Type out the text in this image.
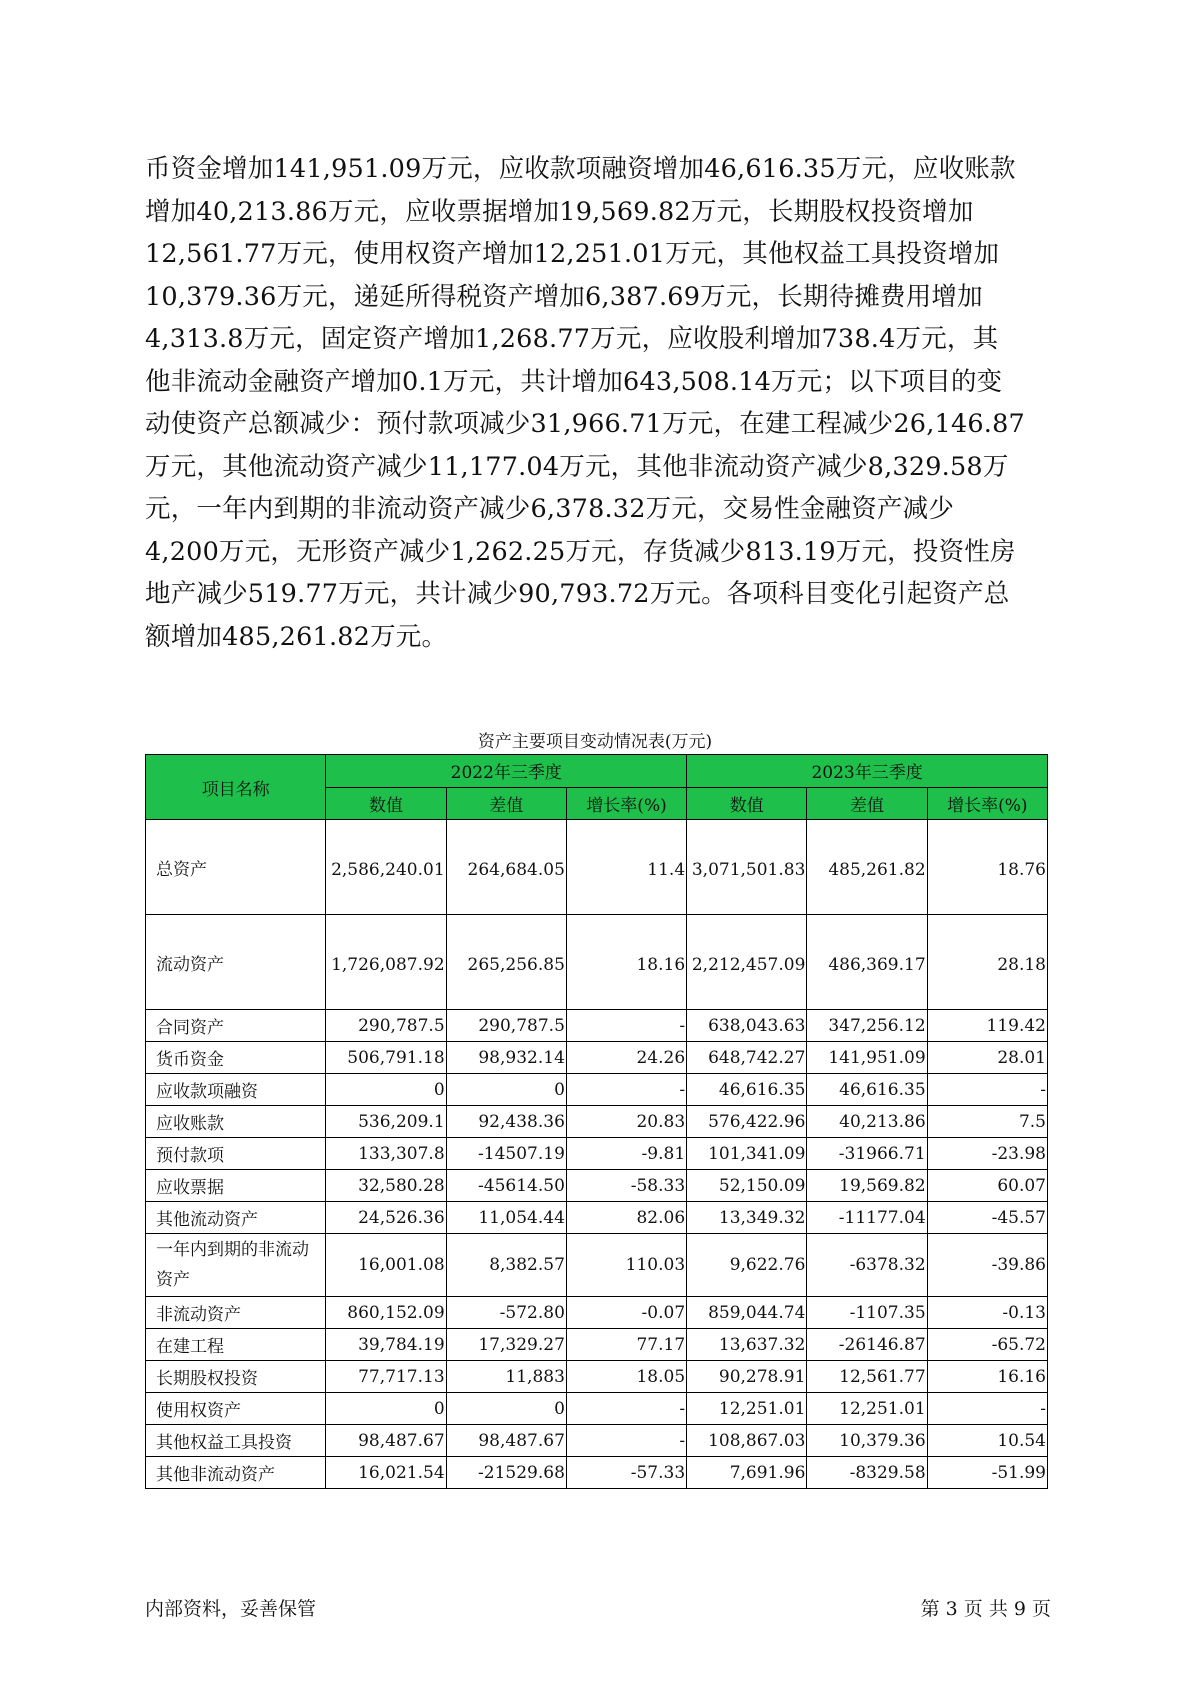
币资金增加141,951.09万元，应收款项融资增加46,616.35万元，应收账款
增加40,213.86万元，应收票据增加19,569.82万元，长期股权投资增加
12,561.77万元，使用权资产增加12,251.01万元，其他权益工具投资增加
10,379.36万元，递延所得税资产增加6,387.69万元，长期待摊费用增加
4,313.8万元，固定资产增加1,268.77万元，应收股利增加738.4万元，其
他非流动金融资产增加0.1万元，共计增加643,508.14万元；以下项目的变
动使资产总额减少：预付款项减少31,966.71万元，在建工程减少26,146.87
万元，其他流动资产减少11,177.04万元，其他非流动资产减少8,329.58万
元，一年内到期的非流动资产减少6,378.32万元，交易性金融资产减少
4,200万元，无形资产减少1,262.25万元，存货减少813.19万元，投资性房
地产减少519.77万元，共计减少90,793.72万元。各项科目变化引起资产总
额增加485,261.82万元。
资产主要项目变动情况表(万元)
项目名称	2022年三季度			2023年三季度		
	数值	差值	增长率(%)	数值	差值	增长率(%)
总资产	2,586,240.01	264,684.05	11.4	3,071,501.83	485,261.82	18.76
流动资产	1,726,087.92	265,256.85	18.16	2,212,457.09	486,369.17	28.18
合同资产	290,787.5	290,787.5	-	638,043.63	347,256.12	119.42
货币资金	506,791.18	98,932.14	24.26	648,742.27	141,951.09	28.01
应收款项融资	0	0	-	46,616.35	46,616.35	-
应收账款	536,209.1	92,438.36	20.83	576,422.96	40,213.86	7.5
预付款项	133,307.8	-14507.19	-9.81	101,341.09	-31966.71	-23.98
应收票据	32,580.28	-45614.50	-58.33	52,150.09	19,569.82	60.07
其他流动资产	24,526.36	11,054.44	82.06	13,349.32	-11177.04	-45.57
一年内到期的非流动资产	16,001.08	8,382.57	110.03	9,622.76	-6378.32	-39.86
非流动资产	860,152.09	-572.80	-0.07	859,044.74	-1107.35	-0.13
在建工程	39,784.19	17,329.27	77.17	13,637.32	-26146.87	-65.72
长期股权投资	77,717.13	11,883	18.05	90,278.91	12,561.77	16.16
使用权资产	0	0	-	12,251.01	12,251.01	-
其他权益工具投资	98,487.67	98,487.67	-	108,867.03	10,379.36	10.54
其他非流动资产	16,021.54	-21529.68	-57.33	7,691.96	-8329.58	-51.99
内部资料，妥善保管	第 3 页 共 9 页
